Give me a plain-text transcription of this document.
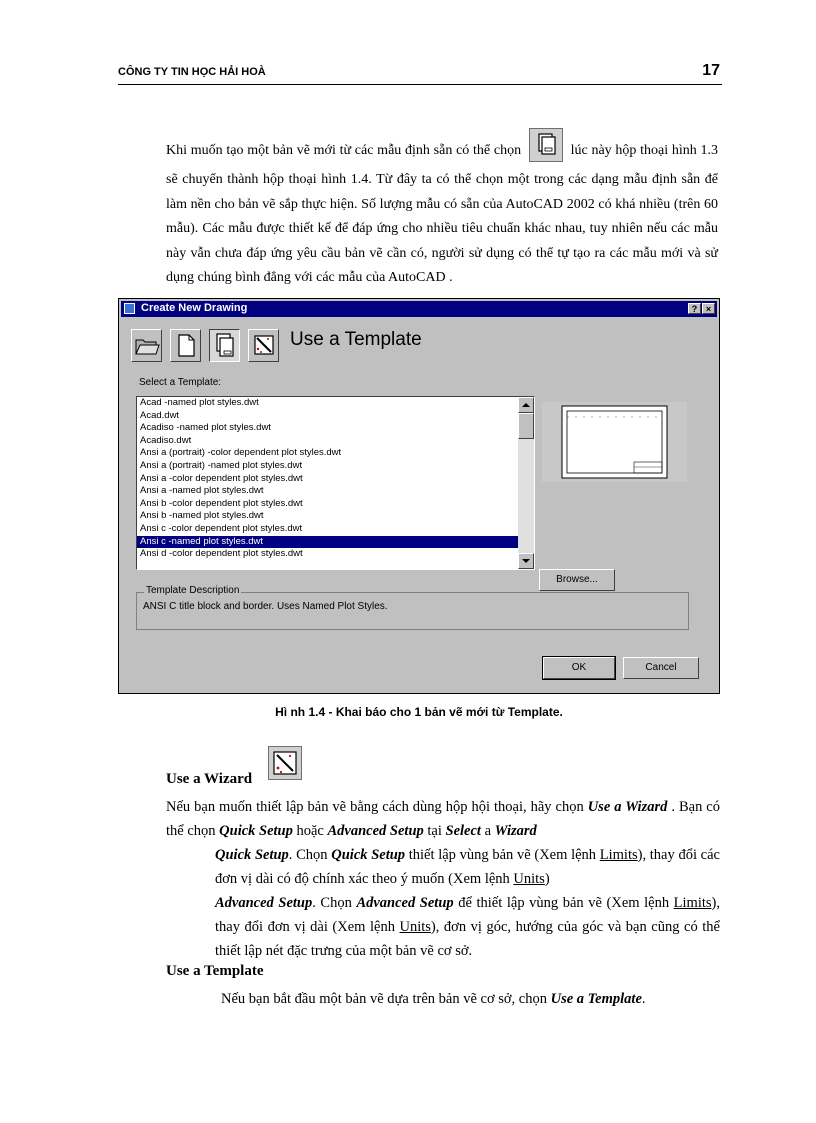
CÔNG TY TIN HỌC HẢI HOÀ	17
Khi muốn tạo một bản vẽ mới từ các mẫu định sẵn có thể chọn	lúc này hộp thoại hình 1.3 sẽ chuyển thành hộp thoại hình 1.4. Từ đây ta có thể chọn một trong các dạng mẫu định sẵn để làm nền cho bản vẽ sắp thực hiện. Số lượng mẫu có sẵn của AutoCAD 2002 có khá nhiều (trên 60 mẫu). Các mẫu được thiết kế để đáp ứng cho nhiều tiêu chuẩn khác nhau, tuy nhiên nếu các mẫu này vẫn chưa đáp ứng yêu cầu bản vẽ cần có, người sử dụng có thể tự tạo ra các mẫu mới và sử dụng chúng bình đẳng với các mẫu của AutoCAD .
Create New Drawing	? ×
Use a Template
Select a Template:
Acad -named plot styles.dwt
Acad.dwt
Acadiso -named plot styles.dwt
Acadiso.dwt
Ansi a (portrait) -color dependent plot styles.dwt
Ansi a (portrait) -named plot styles.dwt
Ansi a -color dependent plot styles.dwt
Ansi a -named plot styles.dwt
Ansi b -color dependent plot styles.dwt
Ansi b -named plot styles.dwt
Ansi c -color dependent plot styles.dwt
Ansi c -named plot styles.dwt
Ansi d -color dependent plot styles.dwt
Browse...
Template Description
ANSI C title block and border. Uses Named Plot Styles.
OK	Cancel
Hì nh 1.4 - Khai báo cho 1 bản vẽ mới từ Template.
Use a Wizard
Nếu bạn muốn thiết lập bản vẽ bằng cách dùng hộp hội thoại, hãy chọn Use a Wizard . Bạn có thể chọn Quick Setup hoặc Advanced Setup tại Select a Wizard
Quick Setup. Chọn Quick Setup thiết lập vùng bản vẽ (Xem lệnh Limits), thay đổi các đơn vị dài có độ chính xác theo ý muốn (Xem lệnh Units)
Advanced Setup. Chọn Advanced Setup để thiết lập vùng bản vẽ (Xem lệnh Limits), thay đổi đơn vị dài (Xem lệnh Units), đơn vị góc, hướng của góc và bạn cũng có thể thiết lập nét đặc trưng của một bản vẽ cơ sở.
Use a Template
Nếu bạn bắt đầu một bản vẽ dựa trên bản vẽ cơ sở, chọn Use a Template.
